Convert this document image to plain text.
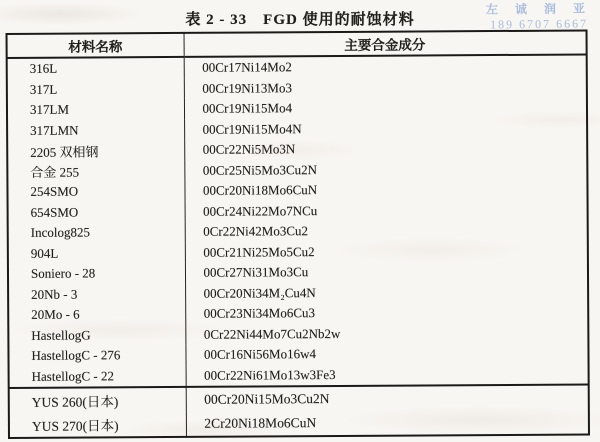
左 诚 润 亚
189 6707 6667
表 2 - 33　FGD 使用的耐蚀材料
材料名称	主要合金成分
316L	00Cr17Ni14Mo2
317L	00Cr19Ni13Mo3
317LM	00Cr19Ni15Mo4
317LMN	00Cr19Ni15Mo4N
2205 双相钢	00Cr22Ni5Mo3N
合金 255	00Cr25Ni5Mo3Cu2N
254SMO	00Cr20Ni18Mo6CuN
654SMO	00Cr24Ni22Mo7NCu
Incolog825	0Cr22Ni42Mo3Cu2
904L	00Cr21Ni25Mo5Cu2
Soniero - 28	00Cr27Ni31Mo3Cu
20Nb - 3	00Cr20Ni34M₂Cu4N
20Mo - 6	00Cr23Ni34Mo6Cu3
HastellogG	0Cr22Ni44Mo7Cu2Nb2w
HastellogC - 276	00Cr16Ni56Mo16w4
HastellogC - 22	00Cr22Ni61Mo13w3Fe3
YUS 260(日本)	00Cr20Ni15Mo3Cu2N
YUS 270(日本)	2Cr20Ni18Mo6CuN
